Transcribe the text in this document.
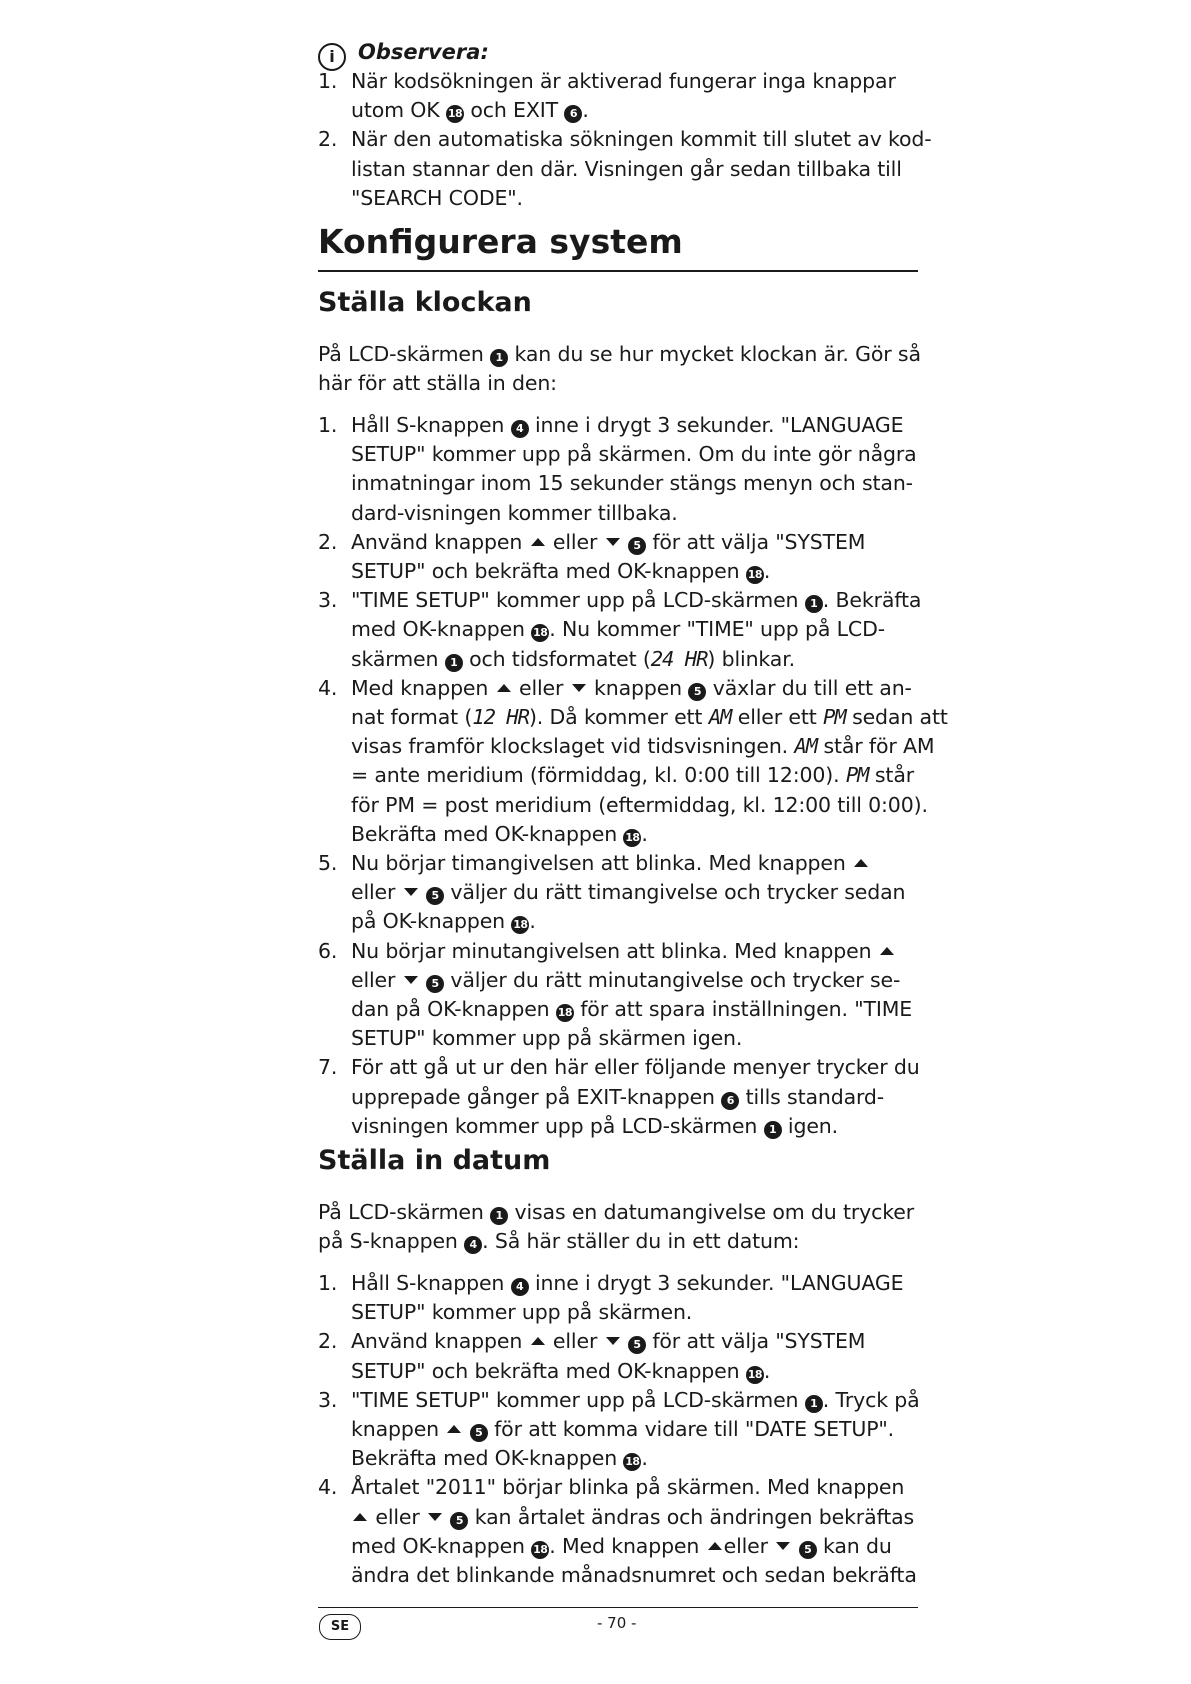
i Observera:
1. När kodsökningen är aktiverad fungerar inga knappar
utom OK 18 och EXIT 6 .
2. När den automatiska sökningen kommit till slutet av kod-
listan stannar den där. Visningen går sedan tillbaka till
"SEARCH CODE".
Konfigurera system
Ställa klockan
På LCD-skärmen 1 kan du se hur mycket klockan är. Gör så
här för att ställa in den:
1. Håll S-knappen 4 inne i drygt 3 sekunder. "LANGUAGE
SETUP" kommer upp på skärmen. Om du inte gör några
inmatningar inom 15 sekunder stängs menyn och stan-
dard-visningen kommer tillbaka.
2. Använd knappen  eller	5 för att välja "SYSTEM
SETUP" och bekräfta med OK-knappen 18.
3. "TIME SETUP" kommer upp på LCD-skärmen 1 . Bekräfta
med OK-knappen 18. Nu kommer "TIME" upp på LCD-
skärmen 1 och tidsformatet (24 HR) blinkar.
4. Med knappen  eller  knappen 5 växlar du till ett an-
nat format (12 HR). Då kommer ett AM eller ett PM sedan att
visas framför klockslaget vid tidsvisningen. AM står för AM
= ante meridium (förmiddag, kl. 0:00 till 12:00). PM står
för PM = post meridium (eftermiddag, kl. 12:00 till 0:00).
Bekräfta med OK-knappen 18.
5. Nu börjar timangivelsen att blinka. Med knappen
eller	5 väljer du rätt timangivelse och trycker sedan
på OK-knappen 18.
6. Nu börjar minutangivelsen att blinka. Med knappen
eller	5 väljer du rätt minutangivelse och trycker se-
dan på OK-knappen 18 för att spara inställningen. "TIME
SETUP" kommer upp på skärmen igen.
7. För att gå ut ur den här eller följande menyer trycker du
upprepade gånger på EXIT-knappen 6 tills standard-
visningen kommer upp på LCD-skärmen 1 igen.
Ställa in datum
På LCD-skärmen 1 visas en datumangivelse om du trycker
på S-knappen 4 . Så här ställer du in ett datum:
1. Håll S-knappen 4 inne i drygt 3 sekunder. "LANGUAGE
SETUP" kommer upp på skärmen.
2. Använd knappen  eller	5 för att välja "SYSTEM
SETUP" och bekräfta med OK-knappen 18.
3. "TIME SETUP" kommer upp på LCD-skärmen 1 . Tryck på
knappen	5 för att komma vidare till "DATE SETUP".
Bekräfta med OK-knappen 18.
4. Årtalet "2011" börjar blinka på skärmen. Med knappen
eller	5 kan årtalet ändras och ändringen bekräftas
med OK-knappen 18. Med knappen eller	5 kan du
ändra det blinkande månadsnumret och sedan bekräfta
SE	- 70 -
